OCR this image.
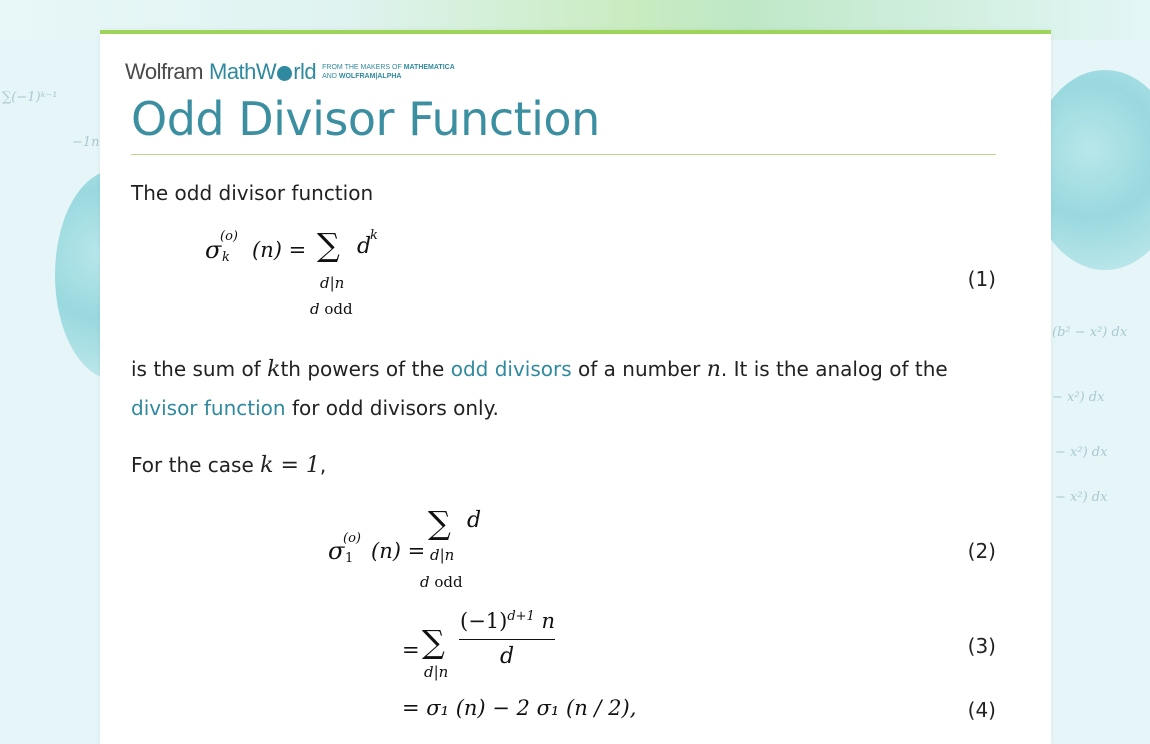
∑(−1)ᵏ⁻¹
−1n
(b² − x²) dx
− x²) dx
− x²) dx
− x²) dx
Wolfram MathW rld FROM THE MAKERS OF MATHEMATICA
AND WOLFRAM|ALPHA
Odd Divisor Function
The odd divisor function
σ
(o)
k (n) = ∑ d
k
d|n
d odd
(1)
is the sum of kth powers of the odd divisors of a number n. It is the analog of the
divisor function for odd divisors only.
For the case k = 1,
σ
(o)
1 (n) =
∑ d
d|n
d odd
(2)
= ∑
$(-1)^{d+1}$ n
d
d|n
(3)
= σ₁ (n) − 2 σ₁ (n / 2),	(4)
